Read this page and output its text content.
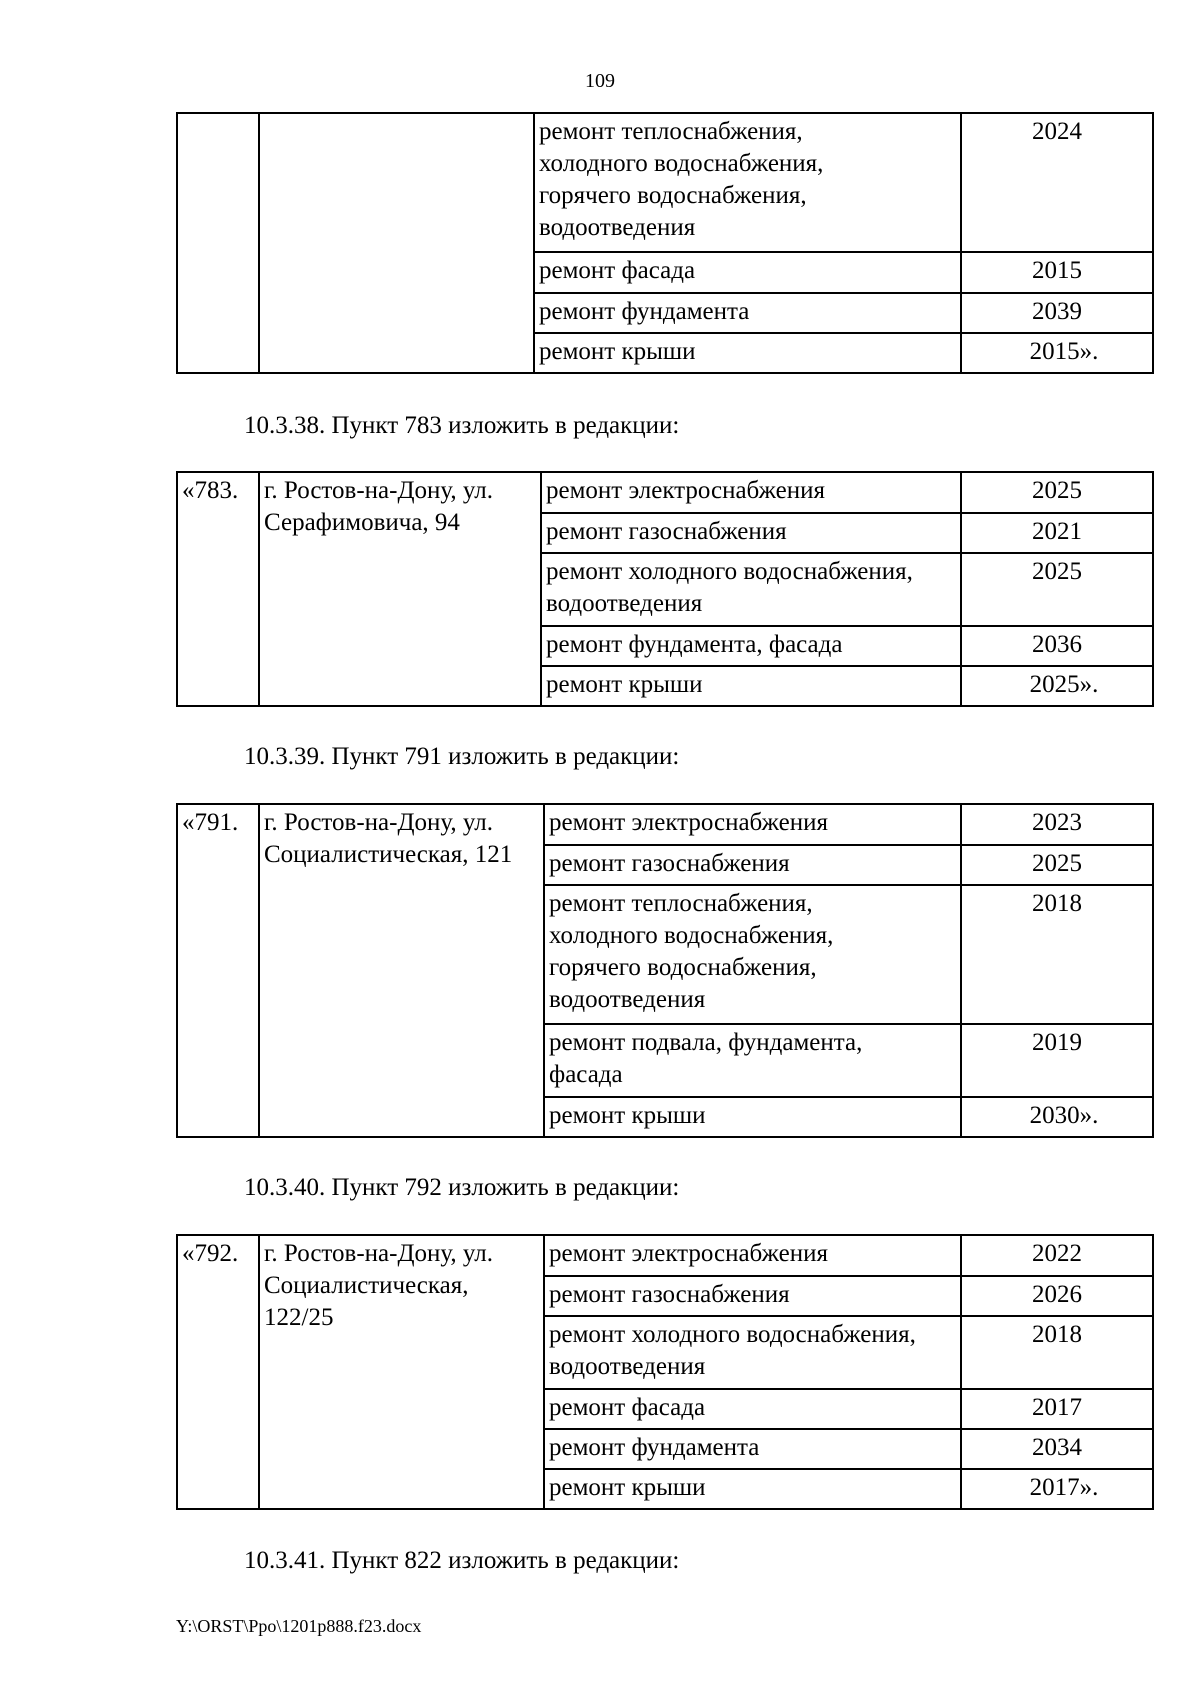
109

		ремонт теплоснабжения, холодного водоснабжения, горячего водоснабжения, водоотведения	2024
		ремонт фасада	2015
		ремонт фундамента	2039
		ремонт крыши	2015».
10.3.38. Пункт 783 изложить в редакции:
«783.	г. Ростов-на-Дону, ул. Серафимовича, 94	ремонт электроснабжения	2025
		ремонт газоснабжения	2021
		ремонт холодного водоснабжения, водоотведения	2025
		ремонт фундамента, фасада	2036
		ремонт крыши	2025».
10.3.39. Пункт 791 изложить в редакции:
«791.	г. Ростов-на-Дону, ул. Социалистическая, 121	ремонт электроснабжения	2023
		ремонт газоснабжения	2025

		ремонт теплоснабжения, холодного водоснабжения, горячего водоснабжения, водоотведения	2018

		ремонт подвала, фундамента, фасада	2019
		ремонт крыши	2030».
10.3.40. Пункт 792 изложить в редакции:
«792.	г. Ростов-на-Дону, ул. Социалистическая, 122/25	ремонт электроснабжения	2022
		ремонт газоснабжения	2026
		ремонт холодного водоснабжения, водоотведения	2018
		ремонт фасада	2017
		ремонт фундамента	2034
		ремонт крыши	2017».
10.3.41. Пункт 822 изложить в редакции:
Y:\ORST\Ppo\1201p888.f23.docx
